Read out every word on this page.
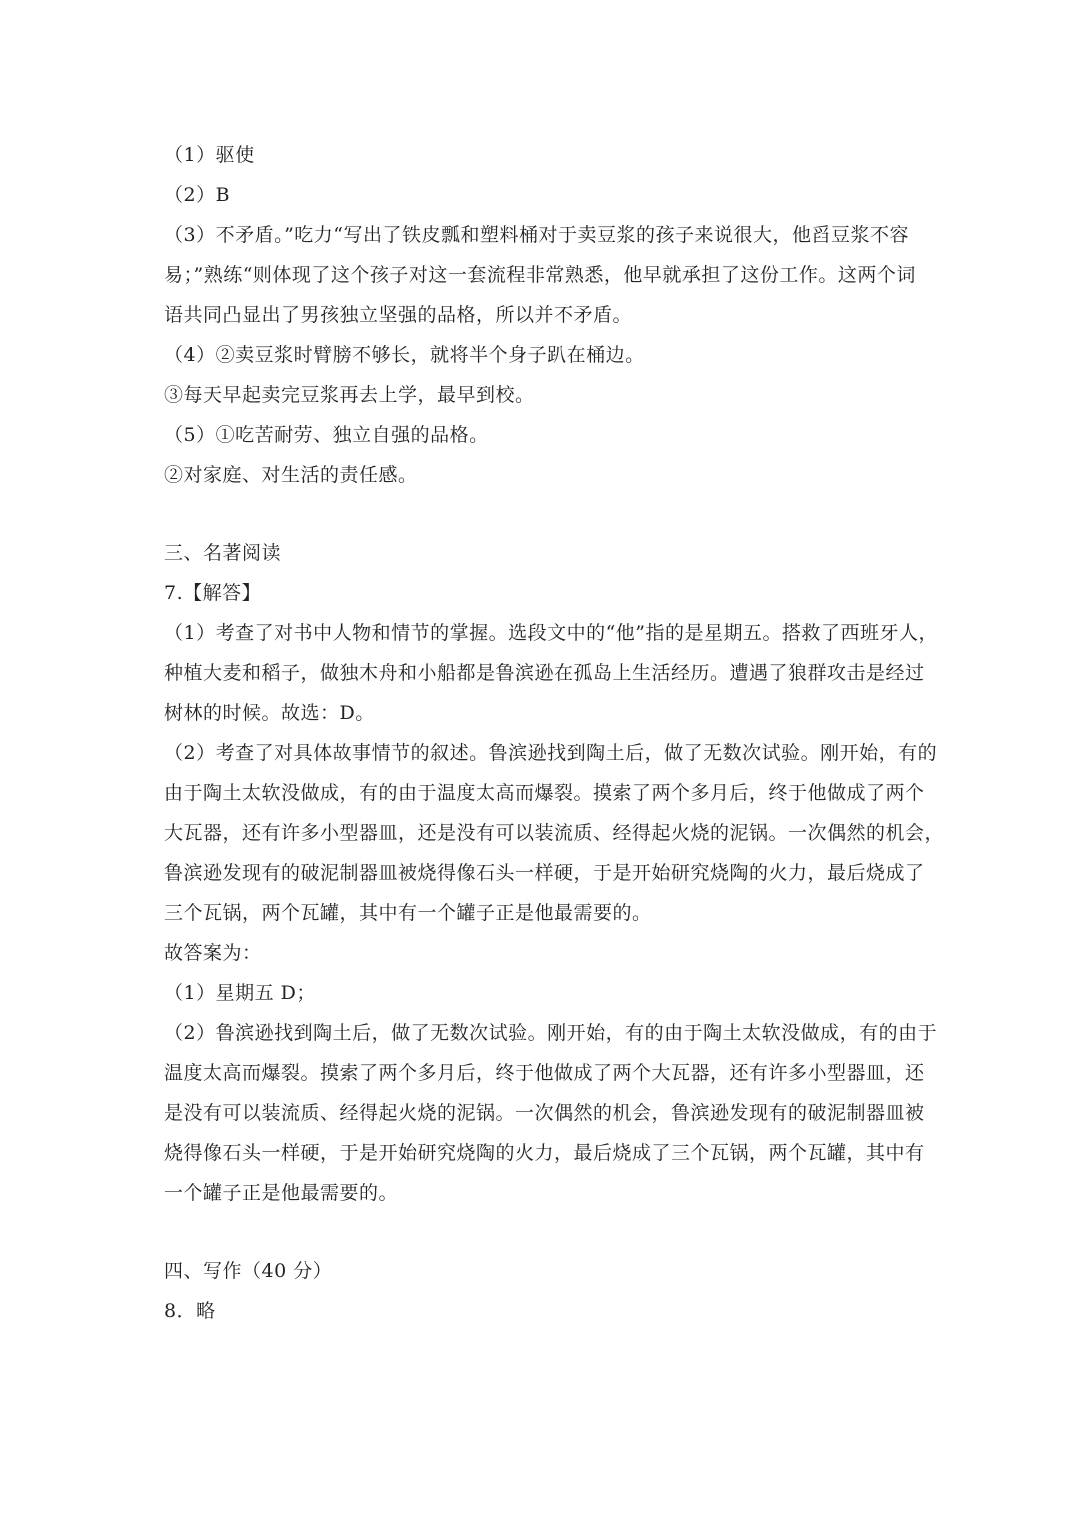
（1）驱使
（2）B
（3）不矛盾。”吃力“写出了铁皮瓢和塑料桶对于卖豆浆的孩子来说很大，他舀豆浆不容
易；”熟练“则体现了这个孩子对这一套流程非常熟悉，他早就承担了这份工作。这两个词
语共同凸显出了男孩独立坚强的品格，所以并不矛盾。
（4）②卖豆浆时臂膀不够长，就将半个身子趴在桶边。
③每天早起卖完豆浆再去上学，最早到校。
（5）①吃苦耐劳、独立自强的品格。
②对家庭、对生活的责任感。
三、名著阅读
7.【解答】
（1）考查了对书中人物和情节的掌握。选段文中的“他”指的是星期五。搭救了西班牙人，
种植大麦和稻子，做独木舟和小船都是鲁滨逊在孤岛上生活经历。遭遇了狼群攻击是经过
树林的时候。故选：D。
（2）考查了对具体故事情节的叙述。鲁滨逊找到陶土后，做了无数次试验。刚开始，有的
由于陶土太软没做成，有的由于温度太高而爆裂。摸索了两个多月后，终于他做成了两个
大瓦器，还有许多小型器皿，还是没有可以装流质、经得起火烧的泥锅。一次偶然的机会，
鲁滨逊发现有的破泥制器皿被烧得像石头一样硬，于是开始研究烧陶的火力，最后烧成了
三个瓦锅，两个瓦罐，其中有一个罐子正是他最需要的。
故答案为：
（1）星期五 D；
（2）鲁滨逊找到陶土后，做了无数次试验。刚开始，有的由于陶土太软没做成，有的由于
温度太高而爆裂。摸索了两个多月后，终于他做成了两个大瓦器，还有许多小型器皿，还
是没有可以装流质、经得起火烧的泥锅。一次偶然的机会，鲁滨逊发现有的破泥制器皿被
烧得像石头一样硬，于是开始研究烧陶的火力，最后烧成了三个瓦锅，两个瓦罐，其中有
一个罐子正是他最需要的。
四、写作（40 分）
8．略
